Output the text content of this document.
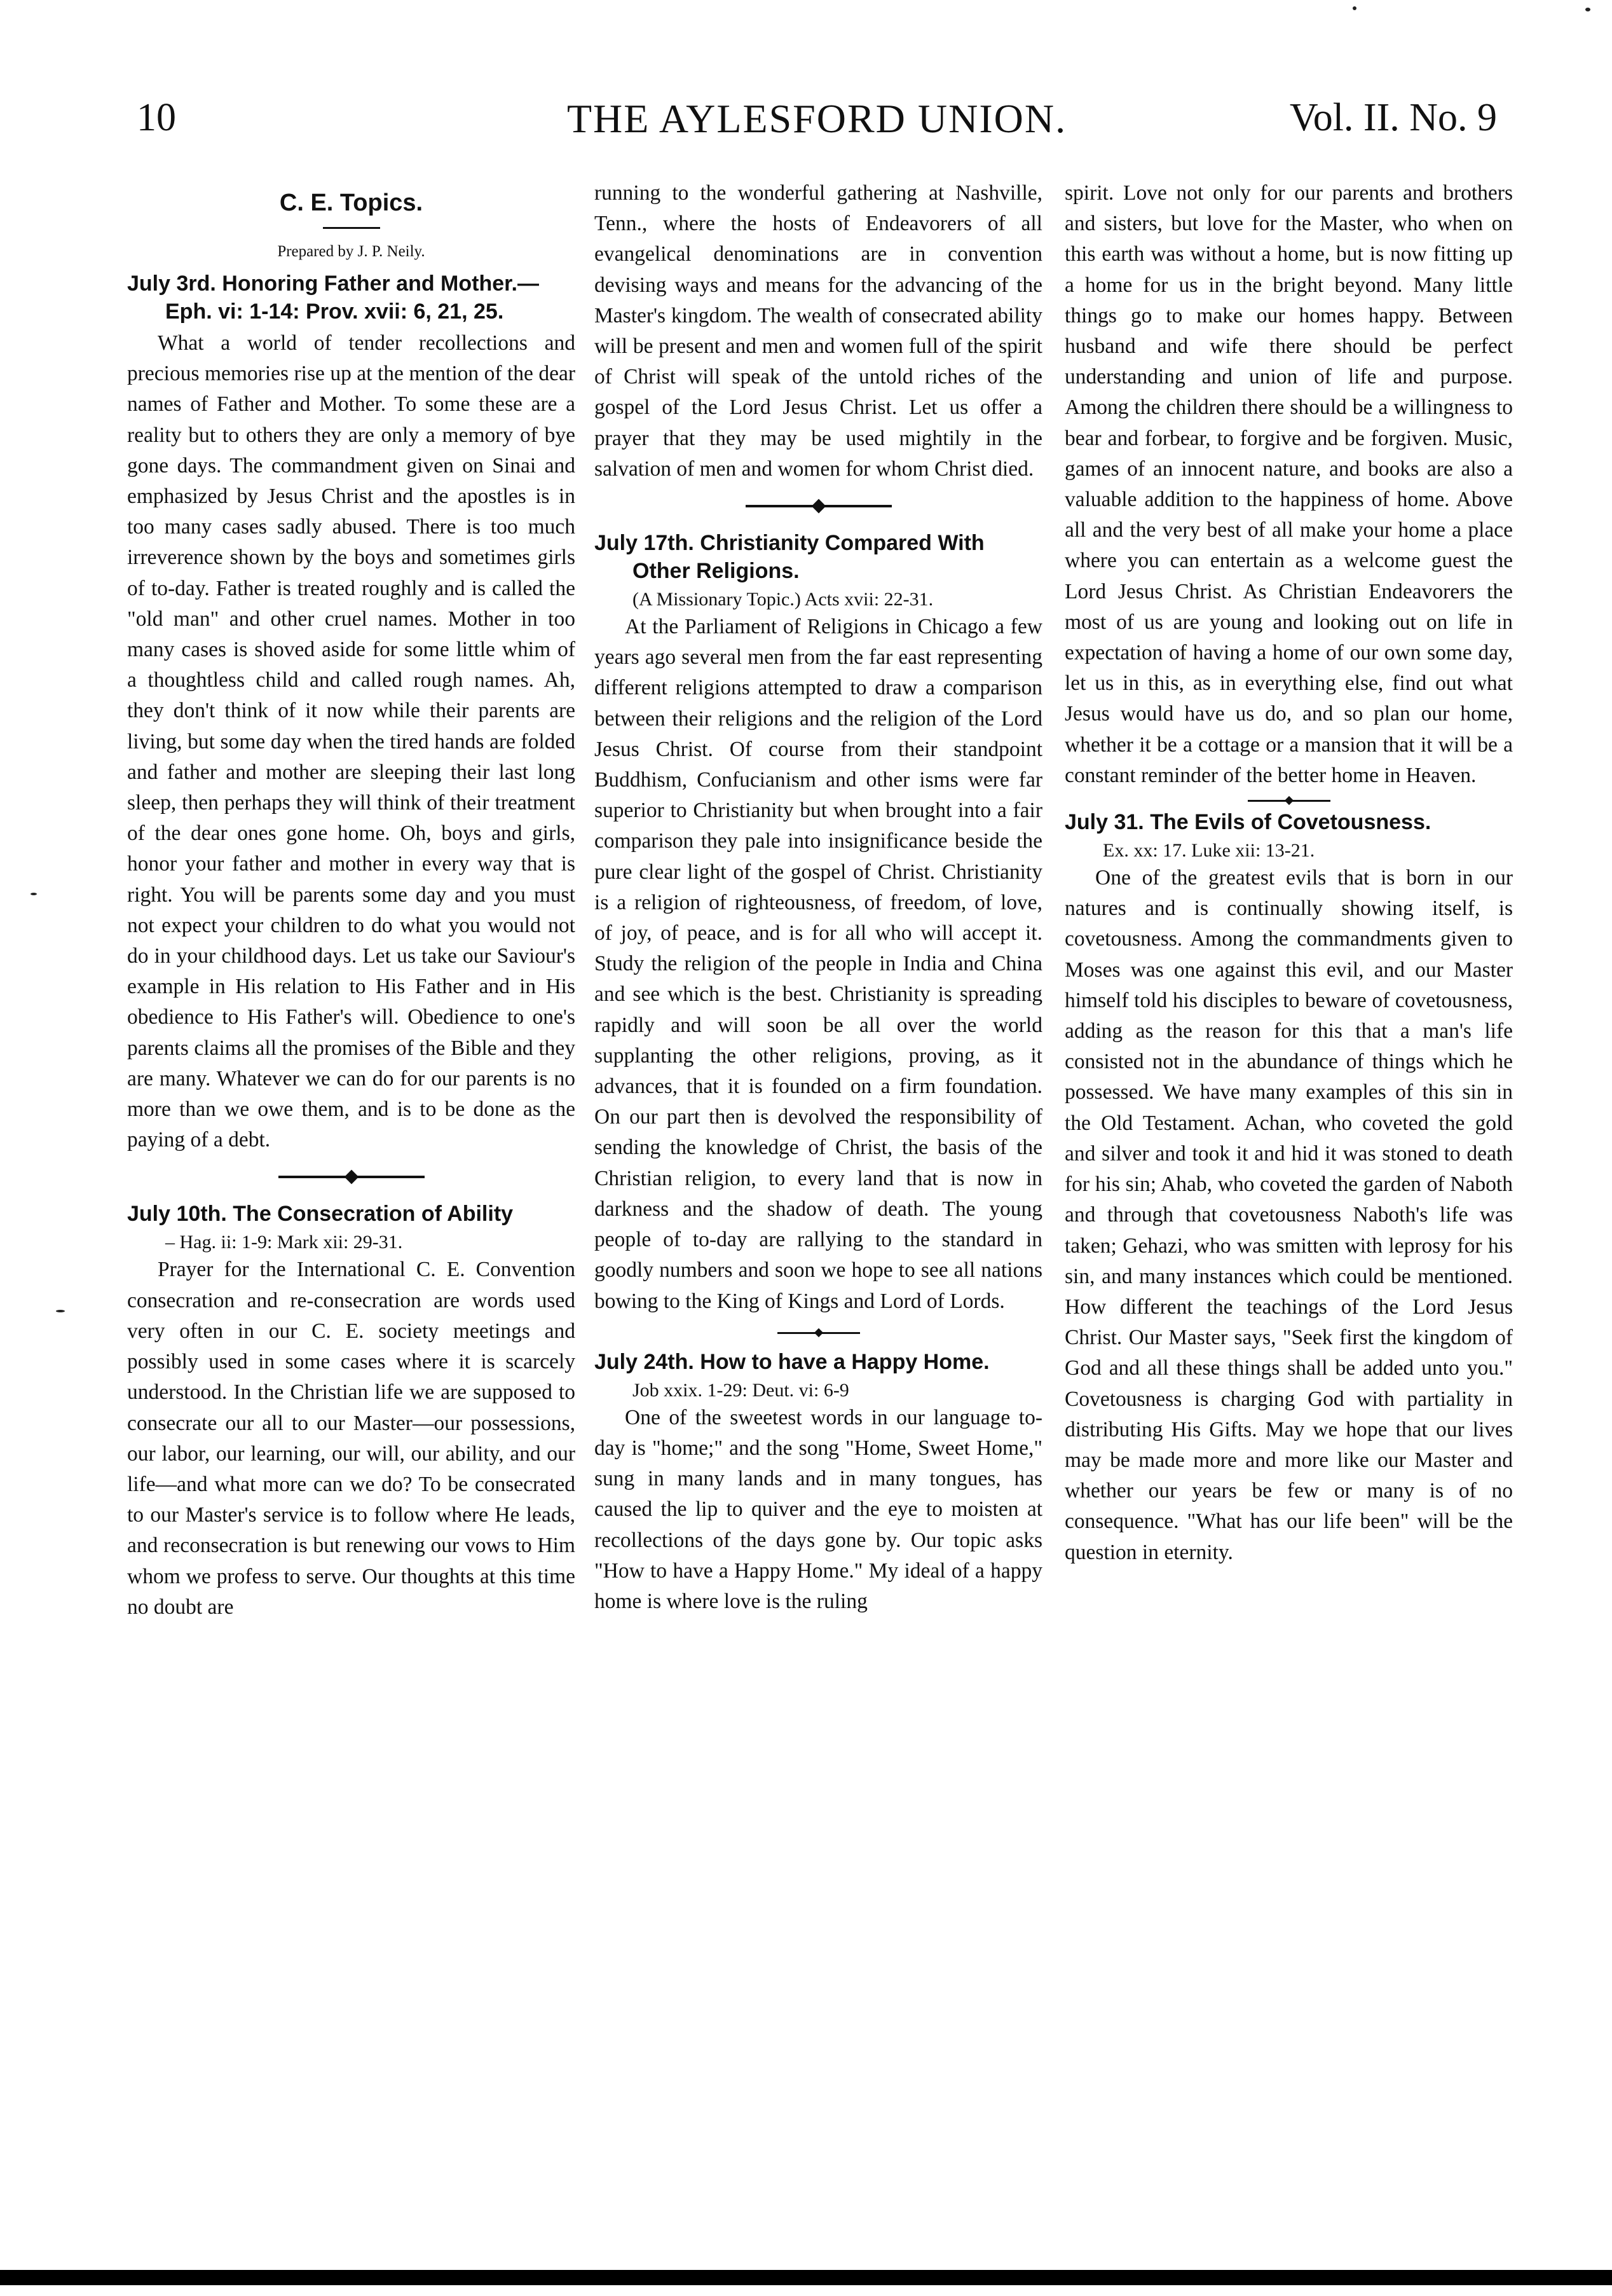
10	THE AYLESFORD UNION.	Vol. II. No. 9
C. E. Topics.
Prepared by J. P. Neily.
July 3rd. Honoring Father and Mother.—Eph. vi: 1-14: Prov. xvii: 6, 21, 25.

What a world of tender recollections and precious memories rise up at the mention of the dear names of Father and Mother. To some these are a reality but to others they are only a memory of bye gone days. The commandment given on Sinai and emphasized by Jesus Christ and the apostles is in too many cases sadly abused. There is too much irreverence shown by the boys and sometimes girls of to-day. Father is treated roughly and is called the "old man" and other cruel names. Mother in too many cases is shoved aside for some little whim of a thoughtless child and called rough names. Ah, they don't think of it now while their parents are living, but some day when the tired hands are folded and father and mother are sleeping their last long sleep, then perhaps they will think of their treatment of the dear ones gone home. Oh, boys and girls, honor your father and mother in every way that is right. You will be parents some day and you must not expect your children to do what you would not do in your childhood days. Let us take our Saviour's example in His relation to His Father and in His obedience to His Father's will. Obedience to one's parents claims all the promises of the Bible and they are many. Whatever we can do for our parents is no more than we owe them, and is to be done as the paying of a debt.

July 10th. The Consecration of Ability
– Hag. ii: 1-9: Mark xii: 29-31.

Prayer for the International C. E. Convention consecration and re-consecration are words used very often in our C. E. society meetings and possibly used in some cases where it is scarcely understood. In the Christian life we are supposed to consecrate our all to our Master—our possessions, our labor, our learning, our will, our ability, and our life—and what more can we do? To be consecrated to our Master's service is to follow where He leads, and reconsecration is but renewing our vows to Him whom we profess to serve. Our thoughts at this time no doubt are

running to the wonderful gathering at Nashville, Tenn., where the hosts of Endeavorers of all evangelical denominations are in convention devising ways and means for the advancing of the Master's kingdom. The wealth of consecrated ability will be present and men and women full of the spirit of Christ will speak of the untold riches of the gospel of the Lord Jesus Christ. Let us offer a prayer that they may be used mightily in the salvation of men and women for whom Christ died.

July 17th. Christianity Compared With Other Religions.
(A Missionary Topic.) Acts xvii: 22-31.

At the Parliament of Religions in Chicago a few years ago several men from the far east representing different religions attempted to draw a comparison between their religions and the religion of the Lord Jesus Christ. Of course from their standpoint Buddhism, Confucianism and other isms were far superior to Christianity but when brought into a fair comparison they pale into insignificance beside the pure clear light of the gospel of Christ. Christianity is a religion of righteousness, of freedom, of love, of joy, of peace, and is for all who will accept it. Study the religion of the people in India and China and see which is the best. Christianity is spreading rapidly and will soon be all over the world supplanting the other religions, proving, as it advances, that it is founded on a firm foundation. On our part then is devolved the responsibility of sending the knowledge of Christ, the basis of the Christian religion, to every land that is now in darkness and the shadow of death. The young people of to-day are rallying to the standard in goodly numbers and soon we hope to see all nations bowing to the King of Kings and Lord of Lords.

July 24th. How to have a Happy Home.
Job xxix. 1-29: Deut. vi: 6-9

One of the sweetest words in our language to-day is "home;" and the song "Home, Sweet Home," sung in many lands and in many tongues, has caused the lip to quiver and the eye to moisten at recollections of the days gone by. Our topic asks "How to have a Happy Home." My ideal of a happy home is where love is the ruling

spirit. Love not only for our parents and brothers and sisters, but love for the Master, who when on this earth was without a home, but is now fitting up a home for us in the bright beyond. Many little things go to make our homes happy. Between husband and wife there should be perfect understanding and union of life and purpose. Among the children there should be a willingness to bear and forbear, to forgive and be forgiven. Music, games of an innocent nature, and books are also a valuable addition to the happiness of home. Above all and the very best of all make your home a place where you can entertain as a welcome guest the Lord Jesus Christ. As Christian Endeavorers the most of us are young and looking out on life in expectation of having a home of our own some day, let us in this, as in everything else, find out what Jesus would have us do, and so plan our home, whether it be a cottage or a mansion that it will be a constant reminder of the better home in Heaven.

July 31. The Evils of Covetousness.
Ex. xx: 17. Luke xii: 13-21.

One of the greatest evils that is born in our natures and is continually showing itself, is covetousness. Among the commandments given to Moses was one against this evil, and our Master himself told his disciples to beware of covetousness, adding as the reason for this that a man's life consisted not in the abundance of things which he possessed. We have many examples of this sin in the Old Testament. Achan, who coveted the gold and silver and took it and hid it was stoned to death for his sin; Ahab, who coveted the garden of Naboth and through that covetousness Naboth's life was taken; Gehazi, who was smitten with leprosy for his sin, and many instances which could be mentioned. How different the teachings of the Lord Jesus Christ. Our Master says, "Seek first the kingdom of God and all these things shall be added unto you." Covetousness is charging God with partiality in distributing His Gifts. May we hope that our lives may be made more and more like our Master and whether our years be few or many is of no consequence. "What has our life been" will be the question in eternity.
